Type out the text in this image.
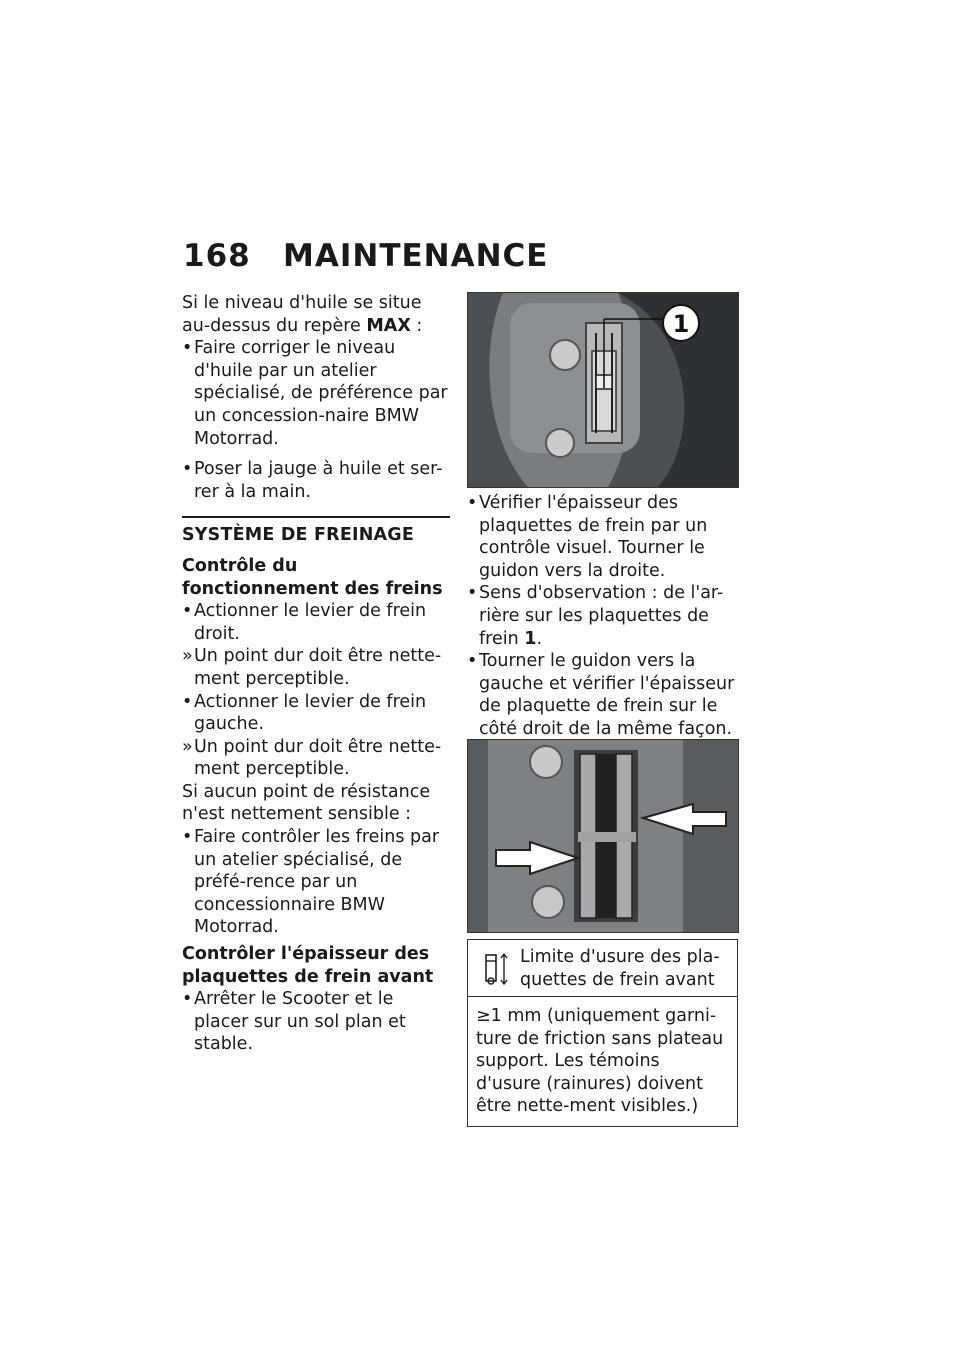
168	MAINTENANCE

Si le niveau d'huile se situe au-dessus du repère MAX :

• Faire corriger le niveau d'huile par un atelier spécialisé, de préférence par un concession-naire BMW Motorrad.

• Poser la jauge à huile et ser-rer à la main.

SYSTÈME DE FREINAGE

Contrôle du fonctionnement des freins

• Actionner le levier de frein droit.

» Un point dur doit être nette-ment perceptible.

• Actionner le levier de frein gauche.

» Un point dur doit être nette-ment perceptible.

Si aucun point de résistance n'est nettement sensible :

• Faire contrôler les freins par un atelier spécialisé, de préfé-rence par un concessionnaire BMW Motorrad.

Contrôler l'épaisseur des plaquettes de frein avant

• Arrêter le Scooter et le placer sur un sol plan et stable.

1

• Vérifier l'épaisseur des plaquettes de frein par un contrôle visuel. Tourner le guidon vers la droite.

• Sens d'observation : de l'ar-rière sur les plaquettes de frein 1.

• Tourner le guidon vers la gauche et vérifier l'épaisseur de plaquette de frein sur le côté droit de la même façon.

Limite d'usure des pla-quettes de frein avant
≥1 mm (uniquement garni-ture de friction sans plateau support. Les témoins d'usure (rainures) doivent être nette-ment visibles.)
